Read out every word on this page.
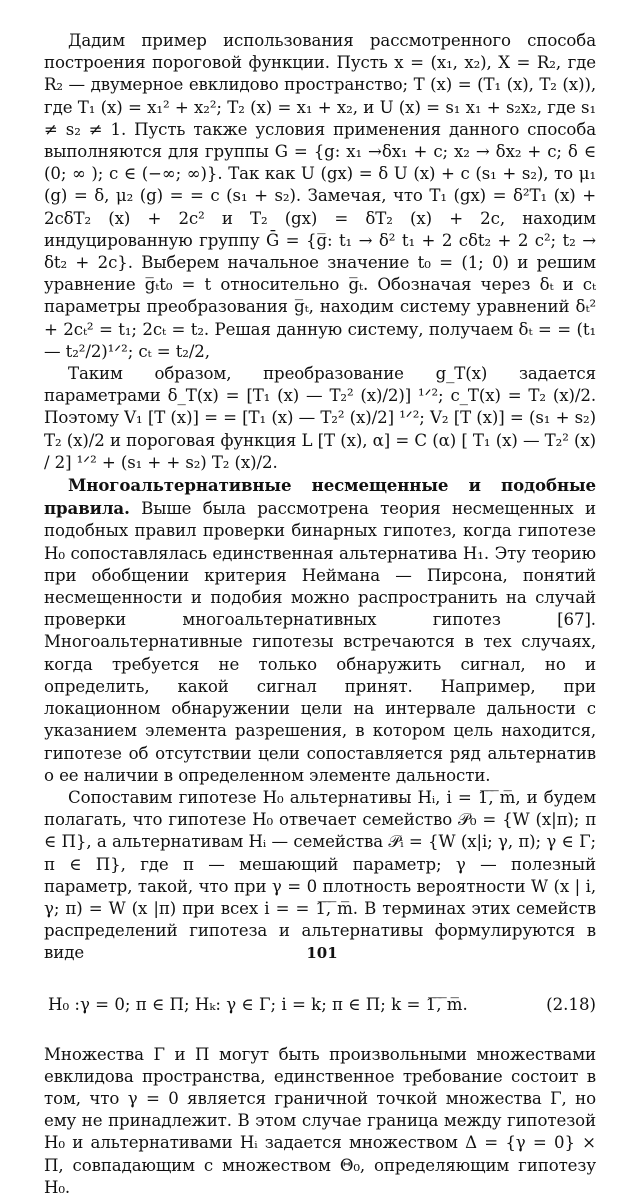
Дадим пример использования рассмотренного способа построения пороговой функции. Пусть x = (x₁, x₂), X = R₂, где R₂ — двумерное евклидово пространство; T (x) = (T₁ (x), T₂ (x)), где T₁ (x) = x₁² + x₂²; T₂ (x) = x₁ + x₂, и U (x) = s₁ x₁ + s₂x₂, где s₁ ≠ s₂ ≠ 1. Пусть также условия применения данного способа выполняются для группы G = {g: x₁ →δx₁ + c; x₂ → δx₂ + c; δ ∈ (0; ∞ ); c ∈ (−∞; ∞)}. Так как U (gx) = δ U (x) + c (s₁ + s₂), то μ₁ (g) = δ, μ₂ (g) = = c (s₁ + s₂). Замечая, что T₁ (gx) = δ²T₁ (x) + 2cδT₂ (x) + 2c² и T₂ (gx) = δT₂ (x) + 2c, находим индуцированную группу Ḡ = {g̅: t₁ → δ² t₁ + 2 cδt₂ + 2 c²; t₂ → δt₂ + 2c}. Выберем начальное значение t₀ = (1; 0) и решим уравнение g̅ₜt₀ = t относительно g̅ₜ. Обозначая через δₜ и cₜ параметры преобразования g̅ₜ, находим систему уравнений δₜ² + 2cₜ² = t₁; 2cₜ = t₂. Решая данную систему, получаем δₜ = = (t₁ — t₂²/2)¹ᐟ²; cₜ = t₂/2,

Таким образом, преобразование g_T(x) задается параметрами δ_T(x) = [T₁ (x) — T₂² (x)/2)] ¹ᐟ²; c_T(x) = T₂ (x)/2. Поэтому V₁ [T (x)] = = [T₁ (x) — T₂² (x)/2] ¹ᐟ²; V₂ [T (x)] = (s₁ + s₂) T₂ (x)/2 и пороговая функция L [T (x), α] = C (α) [ T₁ (x) — T₂² (x) / 2] ¹ᐟ² + (s₁ + + s₂) T₂ (x)/2.

Многоальтернативные несмещенные и подобные правила. Выше была рассмотрена теория несмещенных и подобных правил проверки бинарных гипотез, когда гипотезе H₀ сопоставлялась единственная альтернатива H₁. Эту теорию при обобщении критерия Неймана — Пирсона, понятий несмещенности и подобия можно распространить на случай проверки многоальтернативных гипотез [67]. Многоальтернативные гипотезы встречаются в тех случаях, когда требуется не только обнаружить сигнал, но и определить, какой сигнал принят. Например, при локационном обнаружении цели на интервале дальности с указанием элемента разрешения, в котором цель находится, гипотезе об отсутствии цели сопоставляется ряд альтернатив о ее наличии в определенном элементе дальности.

Сопоставим гипотезе H₀ альтернативы Hᵢ, i = 1̅,̅ ̅m̅, и будем полагать, что гипотезе H₀ отвечает семейство 𝒫₀ = {W (x|π); π ∈ Π}, а альтернативам Hᵢ — семейства 𝒫ᵢ = {W (x|i; γ, π); γ ∈ Γ; π ∈ Π}, где π — мешающий параметр; γ — полезный параметр, такой, что при γ = 0 плотность вероятности W (x | i, γ; π) = W (x |π) при всех i = = 1̅,̅ ̅m̅. В терминах этих семейств распределений гипотеза и альтернативы формулируются в виде

H₀ :γ = 0; π ∈ Π; Hₖ: γ ∈ Γ; i = k; π ∈ Π; k = 1̅,̅ ̅m̅.	(2.18)

Множества Γ и Π могут быть произвольными множествами евклидова пространства, единственное требование состоит в том, что γ = 0 является граничной точкой множества Γ, но ему не принадлежит. В этом случае граница между гипотезой H₀ и альтернативами Hᵢ задается множеством Δ = {γ = 0} × Π, совпадающим с множеством Θ₀, определяющим гипотезу H₀.

101
